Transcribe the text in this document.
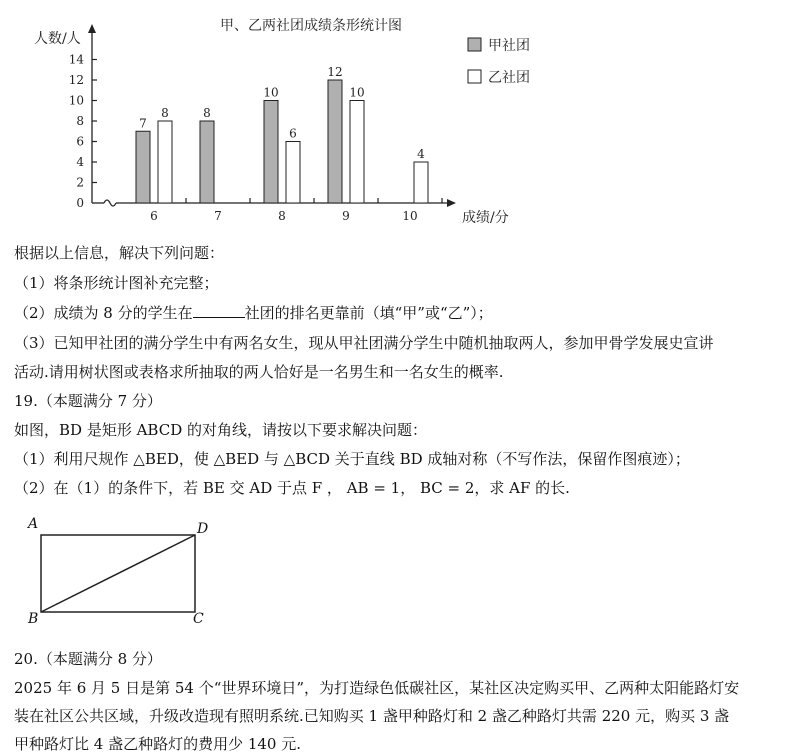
甲、乙两社团成绩条形统计图
人数/人
成绩/分
0
2
4
6
8
10
12
14
6	7	8	9	10
7
8
10
12
8
6
10
4
甲社团
乙社团
根据以上信息，解决下列问题：
（1）将条形统计图补充完整；
（2）成绩为 8 分的学生在	社团的排名更靠前（填“甲”或“乙”）；
（3）已知甲社团的满分学生中有两名女生，现从甲社团满分学生中随机抽取两人，参加甲骨学发展史宣讲
活动.请用树状图或表格求所抽取的两人恰好是一名男生和一名女生的概率.
19.（本题满分 7 分）
如图，BD 是矩形 ABCD 的对角线，请按以下要求解决问题：
（1）利用尺规作 △BED，使 △BED 与 △BCD 关于直线 BD 成轴对称（不写作法，保留作图痕迹）；
（2）在（1）的条件下，若 BE 交 AD 于点 F ， AB = 1， BC = 2，求 AF 的长.
A	D
B	C
20.（本题满分 8 分）
2025 年 6 月 5 日是第 54 个“世界环境日”，为打造绿色低碳社区，某社区决定购买甲、乙两种太阳能路灯安
装在社区公共区域，升级改造现有照明系统.已知购买 1 盏甲种路灯和 2 盏乙种路灯共需 220 元，购买 3 盏
甲种路灯比 4 盏乙种路灯的费用少 140 元.
